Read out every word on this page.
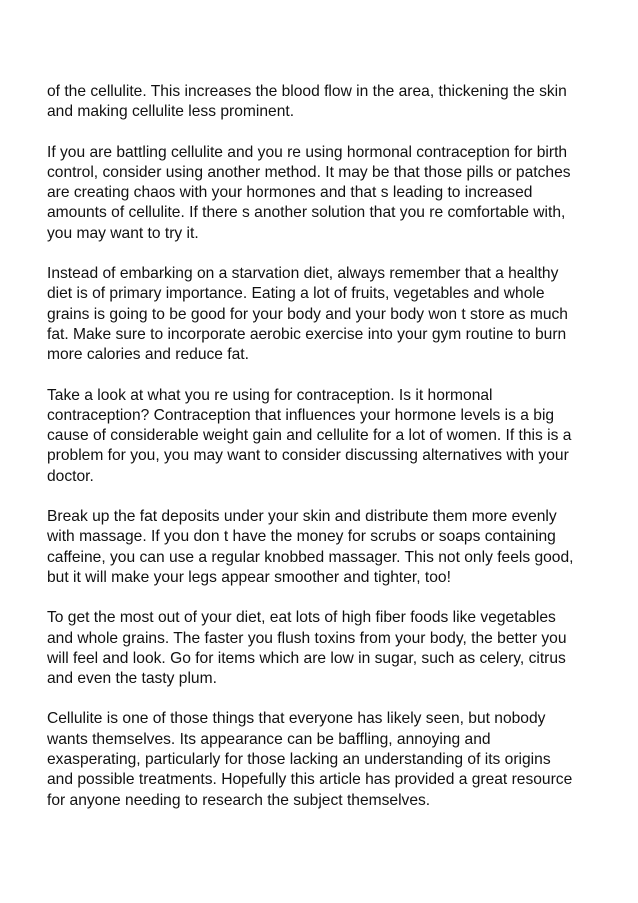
of the cellulite. This increases the blood flow in the area, thickening the skin
and making cellulite less prominent.
If you are battling cellulite and you re using hormonal contraception for birth
control, consider using another method. It may be that those pills or patches
are creating chaos with your hormones and that s leading to increased
amounts of cellulite. If there s another solution that you re comfortable with,
you may want to try it.
Instead of embarking on a starvation diet, always remember that a healthy
diet is of primary importance. Eating a lot of fruits, vegetables and whole
grains is going to be good for your body and your body won t store as much
fat. Make sure to incorporate aerobic exercise into your gym routine to burn
more calories and reduce fat.
Take a look at what you re using for contraception. Is it hormonal
contraception? Contraception that influences your hormone levels is a big
cause of considerable weight gain and cellulite for a lot of women. If this is a
problem for you, you may want to consider discussing alternatives with your
doctor.
Break up the fat deposits under your skin and distribute them more evenly
with massage. If you don t have the money for scrubs or soaps containing
caffeine, you can use a regular knobbed massager. This not only feels good,
but it will make your legs appear smoother and tighter, too!
To get the most out of your diet, eat lots of high fiber foods like vegetables
and whole grains. The faster you flush toxins from your body, the better you
will feel and look. Go for items which are low in sugar, such as celery, citrus
and even the tasty plum.
Cellulite is one of those things that everyone has likely seen, but nobody
wants themselves. Its appearance can be baffling, annoying and
exasperating, particularly for those lacking an understanding of its origins
and possible treatments. Hopefully this article has provided a great resource
for anyone needing to research the subject themselves.
